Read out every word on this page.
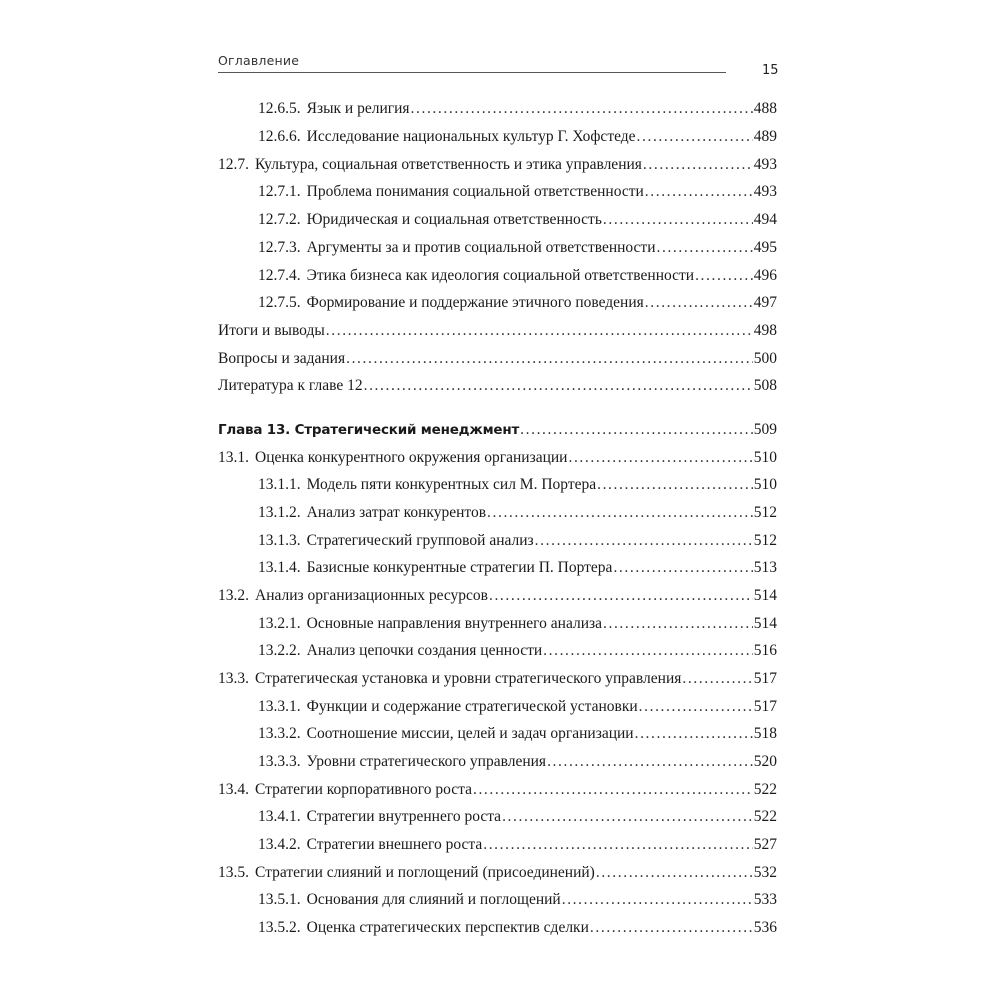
Оглавление
15
12.6.5. Язык и религия .....	488
12.6.6. Исследование национальных культур Г. Хофстеде .....	489
12.7. Культура, социальная ответственность и этика управления .....	493
12.7.1. Проблема понимания социальной ответственности .....	493
12.7.2. Юридическая и социальная ответственность .....	494
12.7.3. Аргументы за и против социальной ответственности .....	495
12.7.4. Этика бизнеса как идеология социальной ответственности .....	496
12.7.5. Формирование и поддержание этичного поведения .....	497
Итоги и выводы .....	498
Вопросы и задания .....	500
Литература к главе 12 .....	508
Глава 13. Стратегический менеджмент .....	509
13.1. Оценка конкурентного окружения организации .....	510
13.1.1. Модель пяти конкурентных сил М. Портера .....	510
13.1.2. Анализ затрат конкурентов .....	512
13.1.3. Стратегический групповой анализ .....	512
13.1.4. Базисные конкурентные стратегии П. Портера .....	513
13.2. Анализ организационных ресурсов .....	514
13.2.1. Основные направления внутреннего анализа .....	514
13.2.2. Анализ цепочки создания ценности .....	516
13.3. Стратегическая установка и уровни стратегического управления .....	517
13.3.1. Функции и содержание стратегической установки .....	517
13.3.2. Соотношение миссии, целей и задач организации .....	518
13.3.3. Уровни стратегического управления .....	520
13.4. Стратегии корпоративного роста .....	522
13.4.1. Стратегии внутреннего роста .....	522
13.4.2. Стратегии внешнего роста .....	527
13.5. Стратегии слияний и поглощений (присоединений) .....	532
13.5.1. Основания для слияний и поглощений .....	533
13.5.2. Оценка стратегических перспектив сделки .....	536
